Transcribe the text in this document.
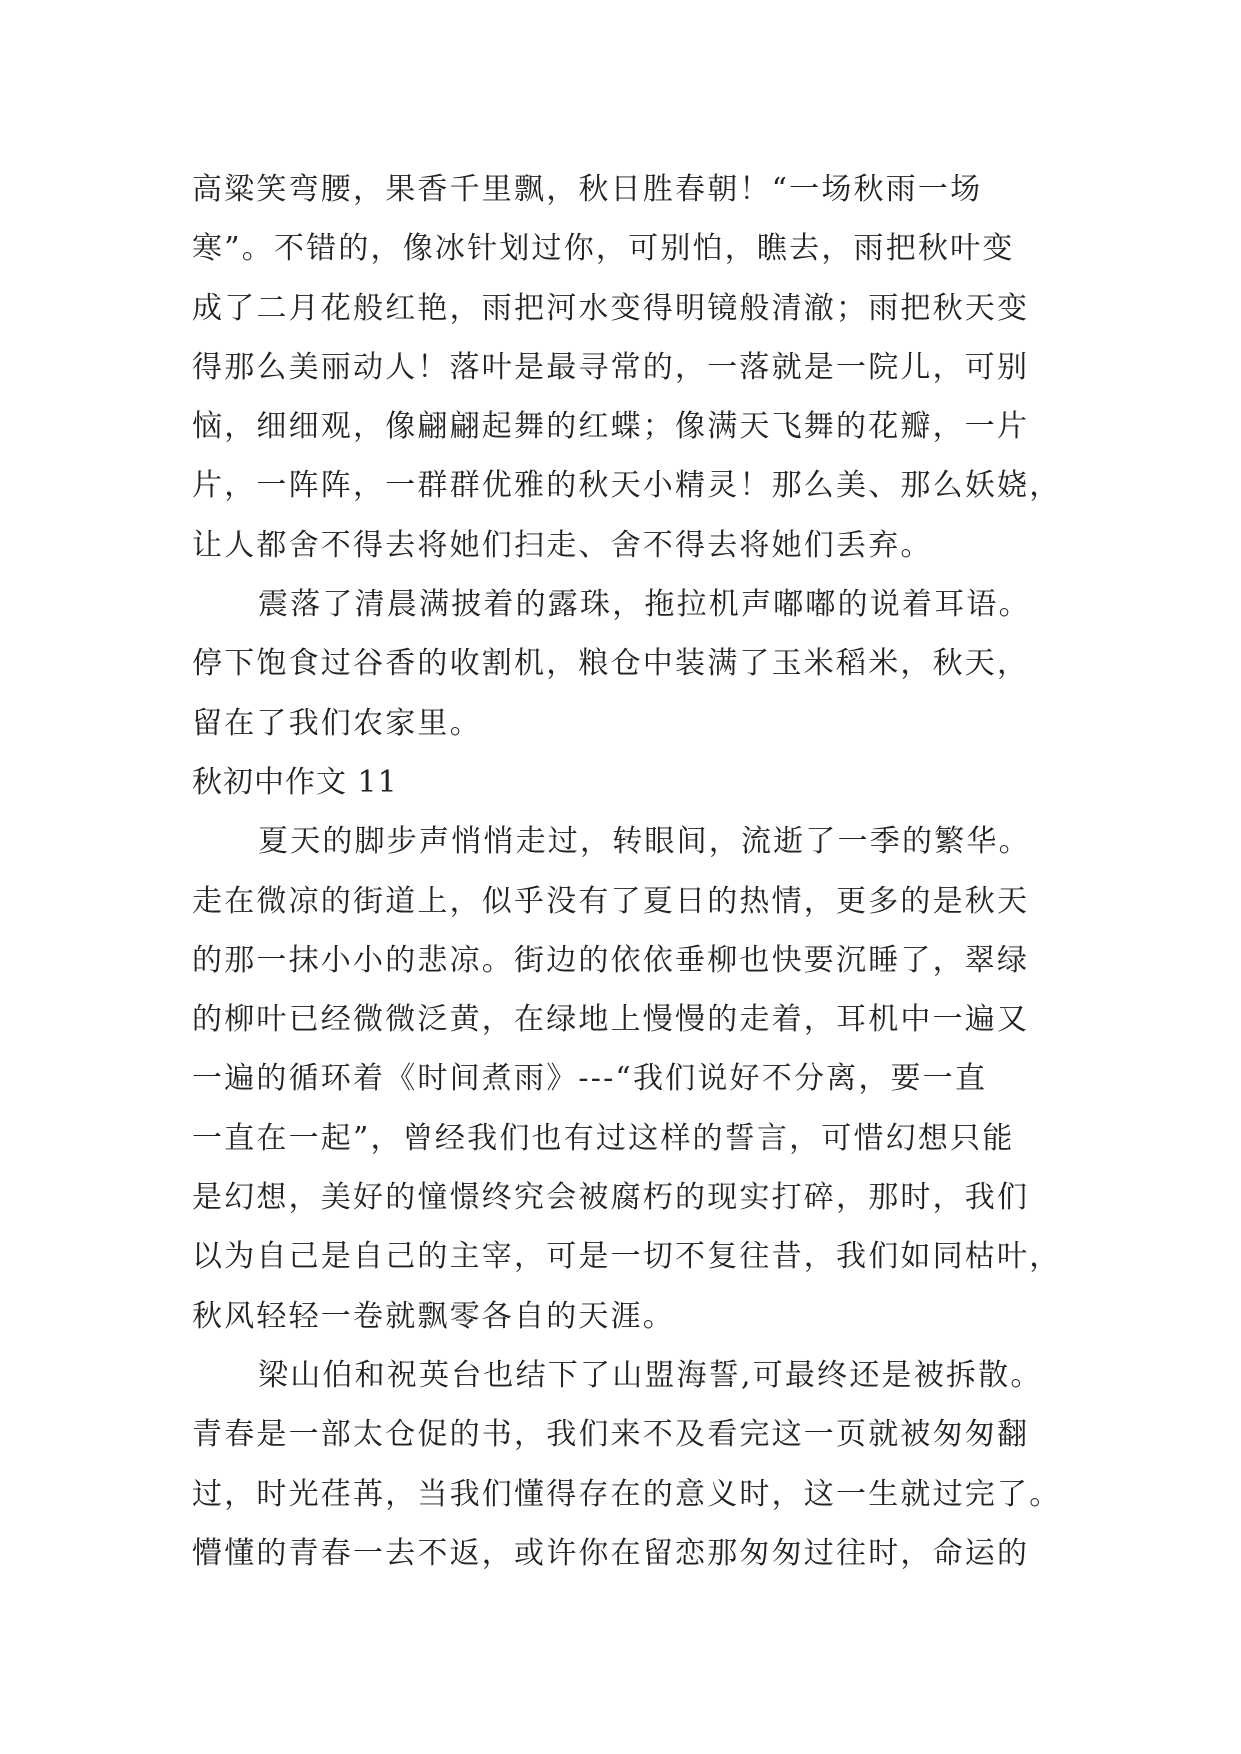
高粱笑弯腰，果香千里飘，秋日胜春朝！“一场秋雨一场
寒”。不错的，像冰针划过你，可别怕，瞧去，雨把秋叶变
成了二月花般红艳，雨把河水变得明镜般清澈；雨把秋天变
得那么美丽动人！落叶是最寻常的，一落就是一院儿，可别
恼，细细观，像翩翩起舞的红蝶；像满天飞舞的花瓣，一片
片，一阵阵，一群群优雅的秋天小精灵！那么美、那么妖娆，
让人都舍不得去将她们扫走、舍不得去将她们丢弃。
震落了清晨满披着的露珠，拖拉机声嘟嘟的说着耳语。
停下饱食过谷香的收割机，粮仓中装满了玉米稻米，秋天，
留在了我们农家里。
秋初中作文 11
夏天的脚步声悄悄走过，转眼间，流逝了一季的繁华。
走在微凉的街道上，似乎没有了夏日的热情，更多的是秋天
的那一抹小小的悲凉。街边的依依垂柳也快要沉睡了，翠绿
的柳叶已经微微泛黄，在绿地上慢慢的走着，耳机中一遍又
一遍的循环着《时间煮雨》---“我们说好不分离，要一直
一直在一起”，曾经我们也有过这样的誓言，可惜幻想只能
是幻想，美好的憧憬终究会被腐朽的现实打碎，那时，我们
以为自己是自己的主宰，可是一切不复往昔，我们如同枯叶，
秋风轻轻一卷就飘零各自的天涯。
梁山伯和祝英台也结下了山盟海誓,可最终还是被拆散。
青春是一部太仓促的书，我们来不及看完这一页就被匆匆翻
过，时光荏苒，当我们懂得存在的意义时，这一生就过完了。
懵懂的青春一去不返，或许你在留恋那匆匆过往时，命运的
